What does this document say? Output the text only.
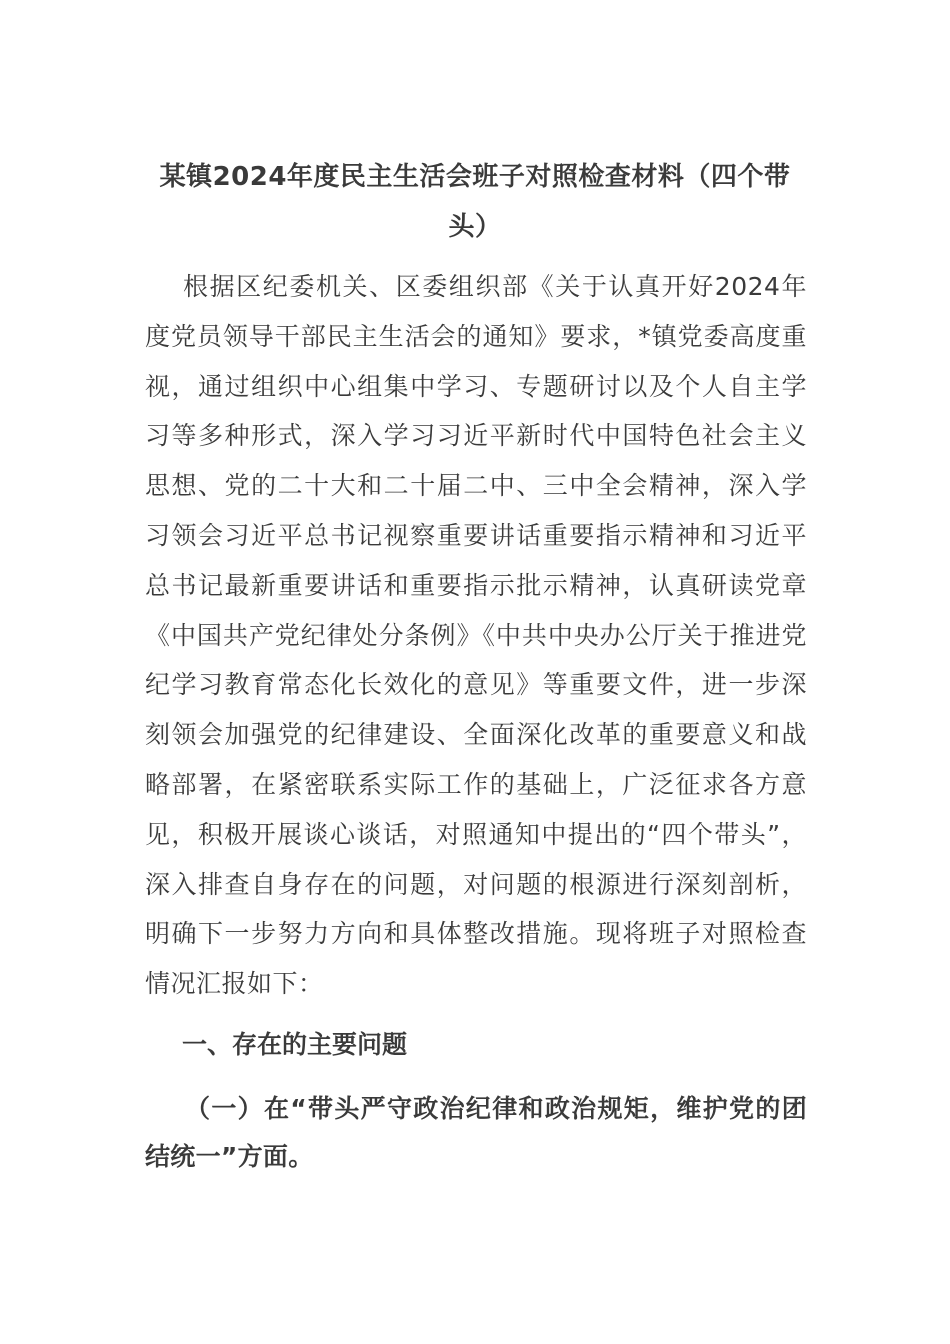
某镇2024年度民主生活会班子对照检查材料（四个带头）

根据区纪委机关、区委组织部《关于认真开好2024年度党员领导干部民主生活会的通知》要求，*镇党委高度重视，通过组织中心组集中学习、专题研讨以及个人自主学习等多种形式，深入学习习近平新时代中国特色社会主义思想、党的二十大和二十届二中、三中全会精神，深入学习领会习近平总书记视察重要讲话重要指示精神和习近平总书记最新重要讲话和重要指示批示精神，认真研读党章《中国共产党纪律处分条例》《中共中央办公厅关于推进党纪学习教育常态化长效化的意见》等重要文件，进一步深刻领会加强党的纪律建设、全面深化改革的重要意义和战略部署，在紧密联系实际工作的基础上，广泛征求各方意见，积极开展谈心谈话，对照通知中提出的“四个带头”，深入排查自身存在的问题，对问题的根源进行深刻剖析，明确下一步努力方向和具体整改措施。现将班子对照检查情况汇报如下：

一、存在的主要问题
（一）在“带头严守政治纪律和政治规矩，维护党的团结统一”方面。
